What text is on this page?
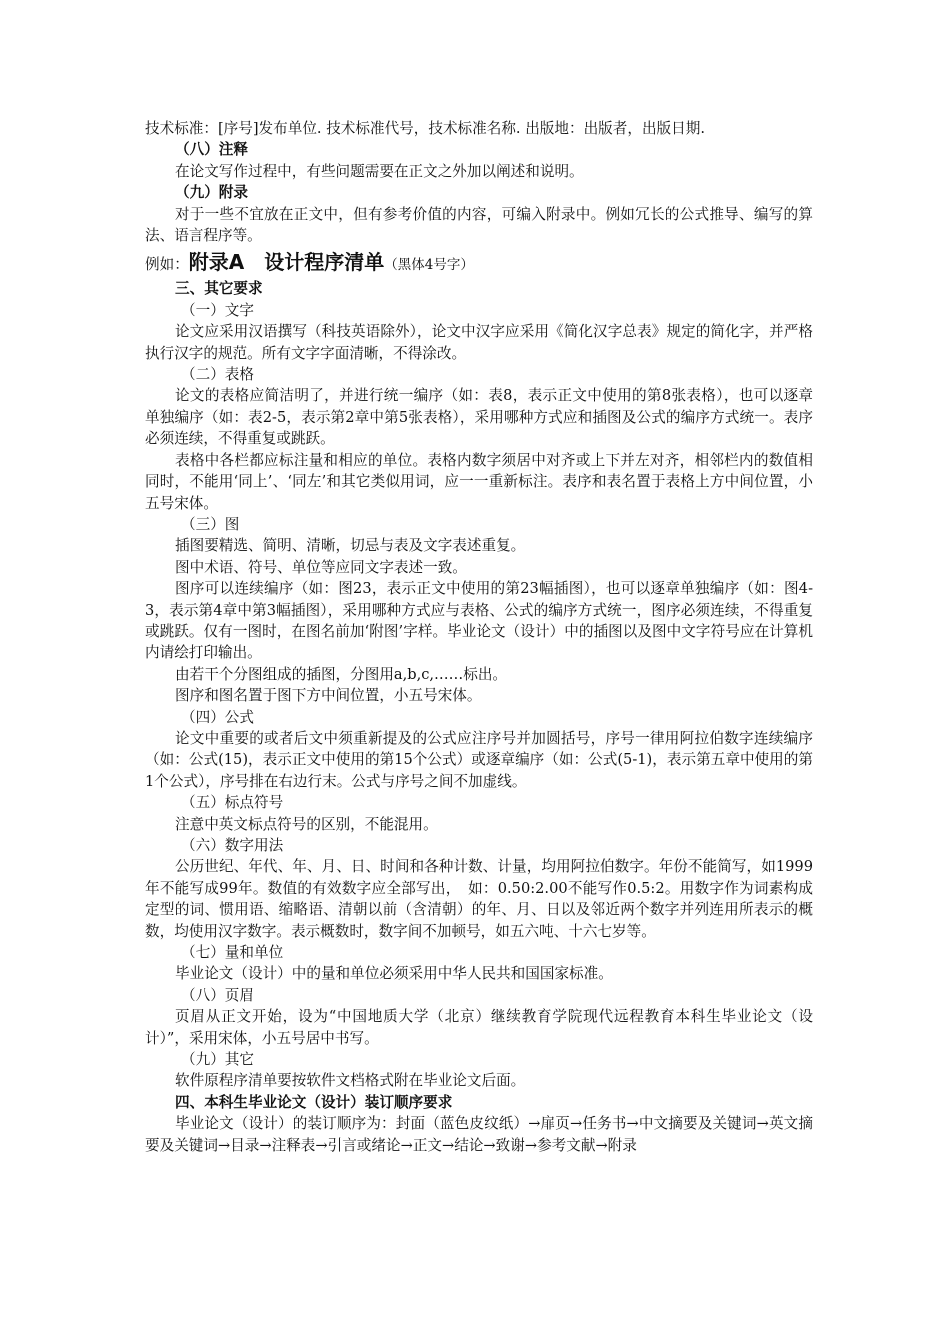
技术标准：[序号]发布单位. 技术标准代号，技术标准名称. 出版地：出版者，出版日期.

（八）注释

在论文写作过程中，有些问题需要在正文之外加以阐述和说明。

（九）附录

对于一些不宜放在正文中，但有参考价值的内容，可编入附录中。例如冗长的公式推导、编写的算法、语言程序等。

例如：附录A　设计程序清单（黑体4号字）

三、其它要求

（一）文字

论文应采用汉语撰写（科技英语除外），论文中汉字应采用《简化汉字总表》规定的简化字，并严格执行汉字的规范。所有文字字面清晰，不得涂改。

（二）表格

论文的表格应简洁明了，并进行统一编序（如：表8，表示正文中使用的第8张表格），也可以逐章单独编序（如：表2-5，表示第2章中第5张表格），采用哪种方式应和插图及公式的编序方式统一。表序必须连续，不得重复或跳跃。

表格中各栏都应标注量和相应的单位。表格内数字须居中对齐或上下并左对齐，相邻栏内的数值相同时，不能用‘同上’、‘同左’和其它类似用词，应一一重新标注。表序和表名置于表格上方中间位置，小五号宋体。

（三）图

插图要精选、简明、清晰，切忌与表及文字表述重复。

图中术语、符号、单位等应同文字表述一致。

图序可以连续编序（如：图23，表示正文中使用的第23幅插图），也可以逐章单独编序（如：图4-3，表示第4章中第3幅插图），采用哪种方式应与表格、公式的编序方式统一，图序必须连续，不得重复或跳跃。仅有一图时，在图名前加‘附图’字样。毕业论文（设计）中的插图以及图中文字符号应在计算机内请绘打印输出。

由若干个分图组成的插图，分图用a,b,c,……标出。

图序和图名置于图下方中间位置，小五号宋体。

（四）公式

论文中重要的或者后文中须重新提及的公式应注序号并加圆括号，序号一律用阿拉伯数字连续编序（如：公式(15)，表示正文中使用的第15个公式）或逐章编序（如：公式(5-1)，表示第五章中使用的第1个公式），序号排在右边行末。公式与序号之间不加虚线。

（五）标点符号

注意中英文标点符号的区别，不能混用。

（六）数字用法

公历世纪、年代、年、月、日、时间和各种计数、计量，均用阿拉伯数字。年份不能简写，如1999年不能写成99年。数值的有效数字应全部写出，　如：0.50:2.00不能写作0.5:2。用数字作为词素构成定型的词、惯用语、缩略语、清朝以前（含清朝）的年、月、日以及邻近两个数字并列连用所表示的概数，均使用汉字数字。表示概数时，数字间不加顿号，如五六吨、十六七岁等。

（七）量和单位

毕业论文（设计）中的量和单位必须采用中华人民共和国国家标准。

（八）页眉

页眉从正文开始，设为“中国地质大学（北京）继续教育学院现代远程教育本科生毕业论文（设计）”，采用宋体，小五号居中书写。

（九）其它

软件原程序清单要按软件文档格式附在毕业论文后面。

四、本科生毕业论文（设计）装订顺序要求

毕业论文（设计）的装订顺序为：封面（蓝色皮纹纸）→扉页→任务书→中文摘要及关键词→英文摘要及关键词→目录→注释表→引言或绪论→正文→结论→致谢→参考文献→附录
